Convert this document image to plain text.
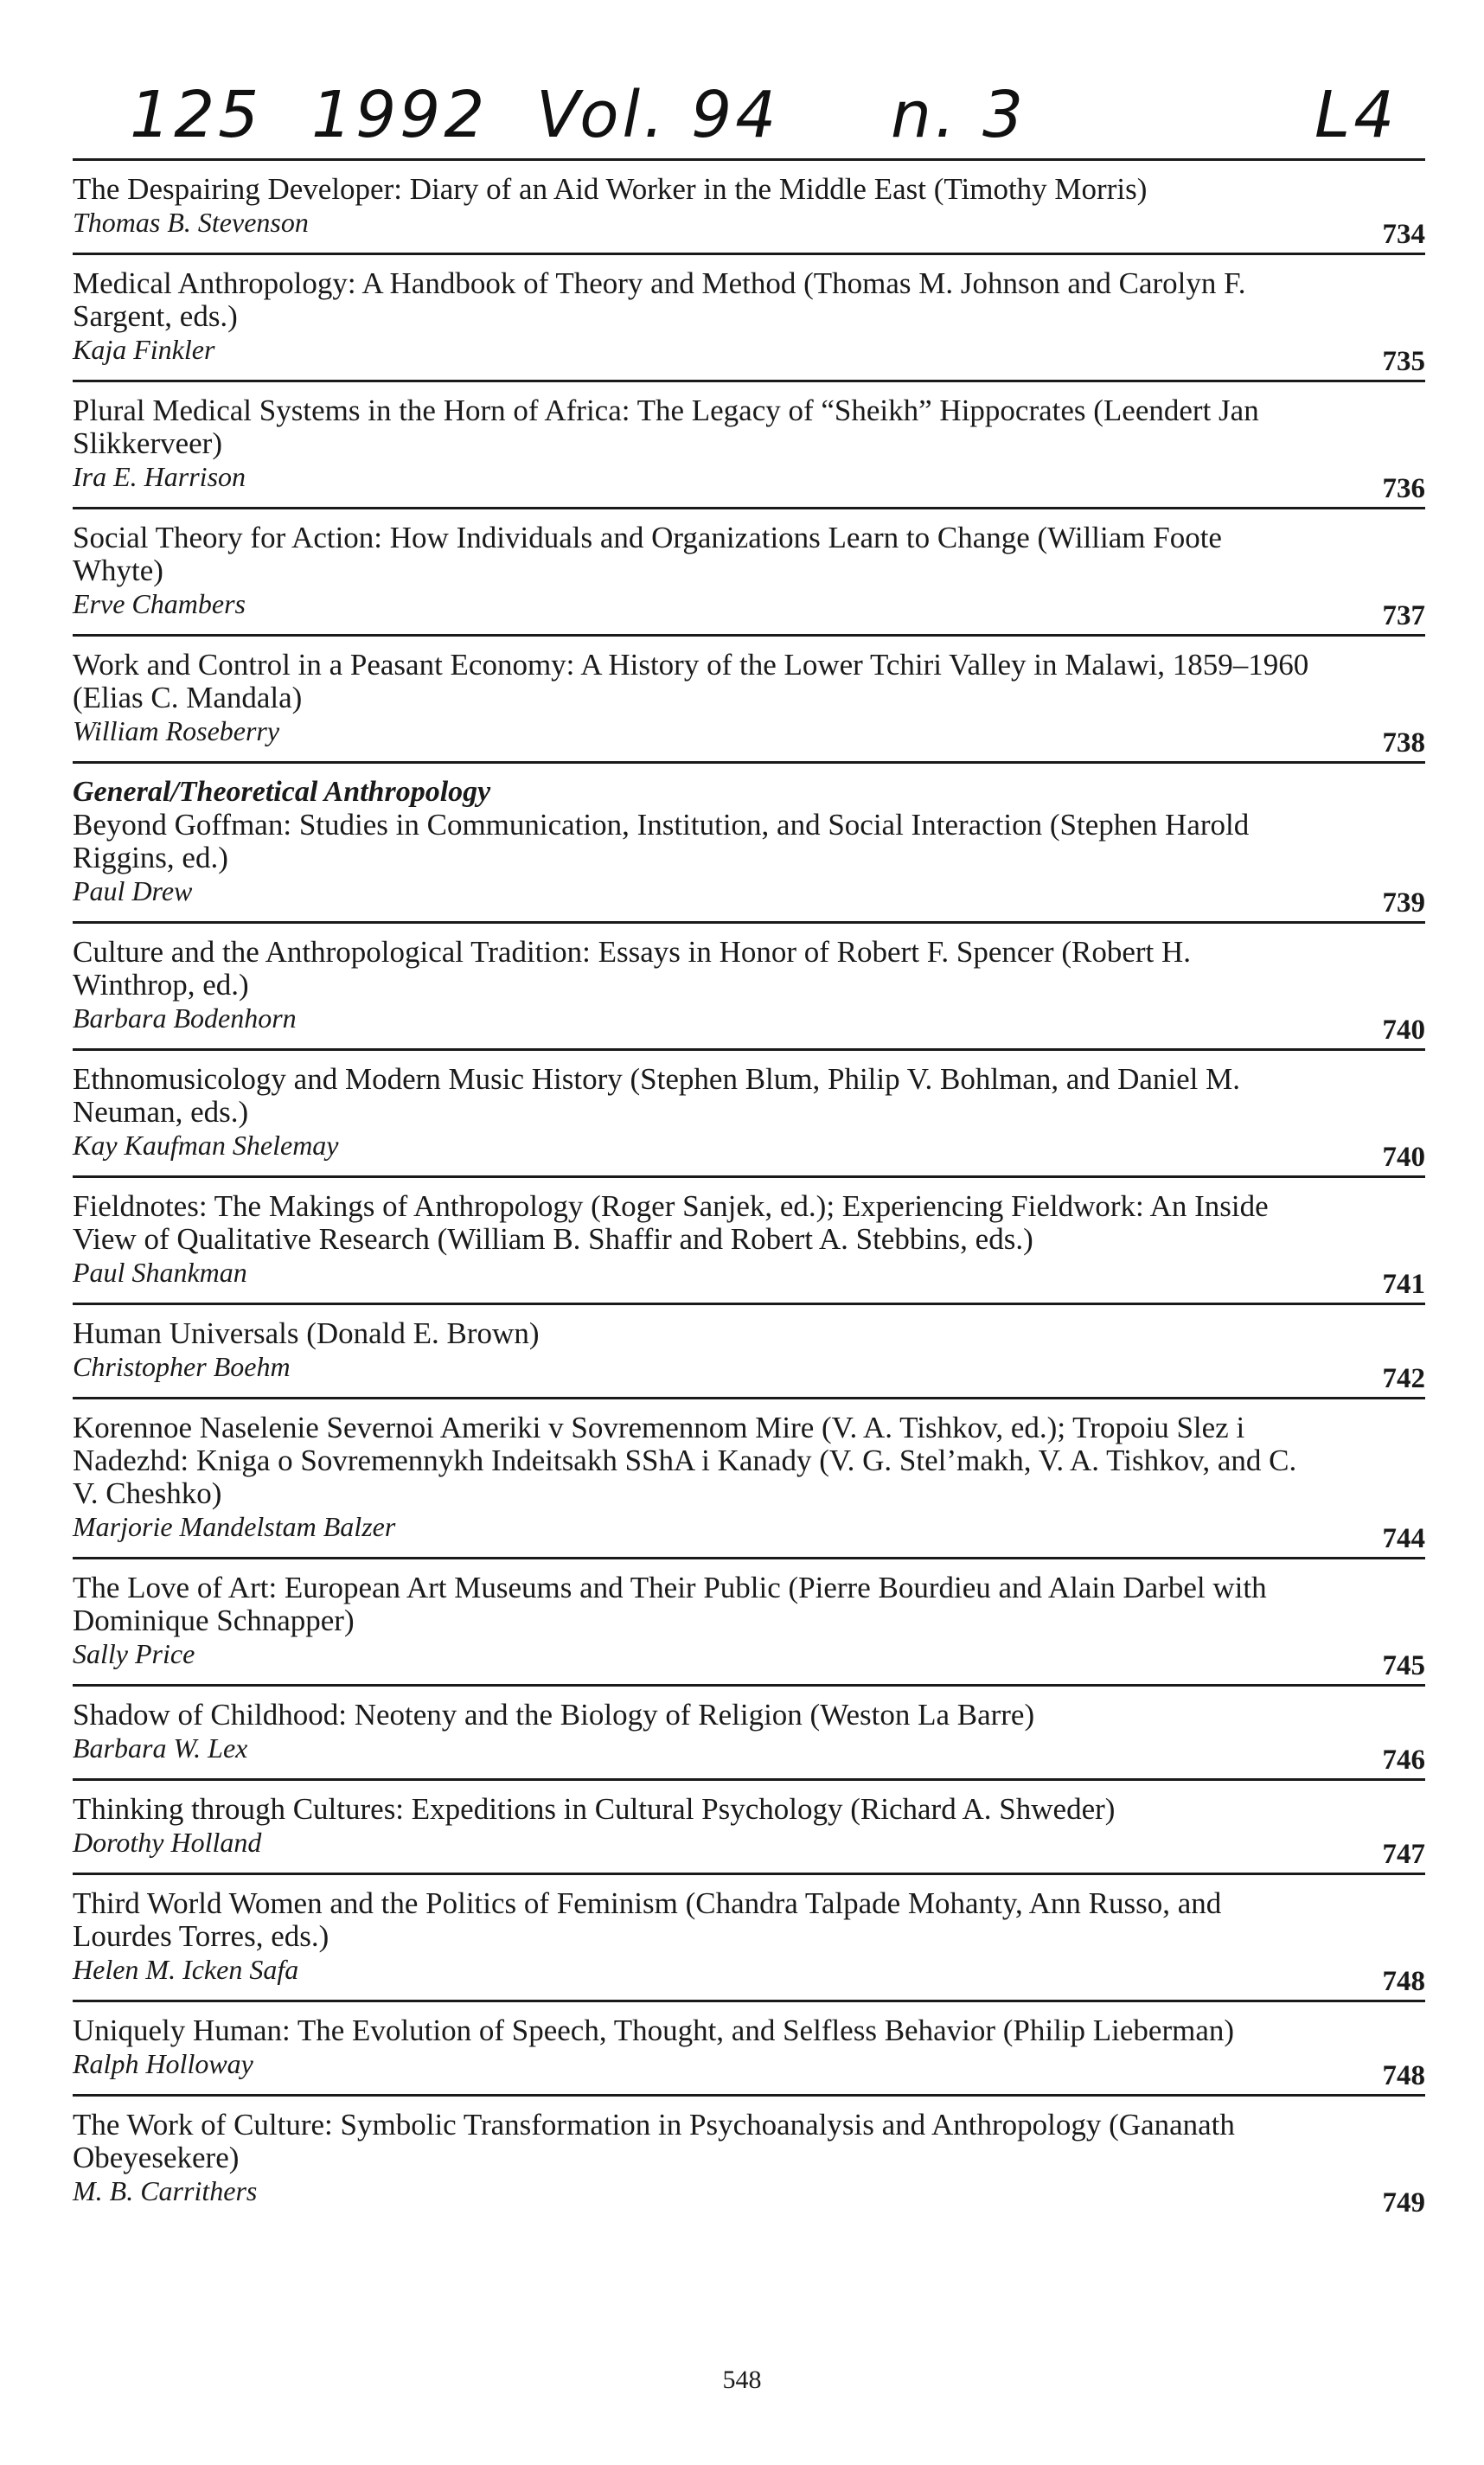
125 1992 Vol. 94 n. 3	L4
The Despairing Developer: Diary of an Aid Worker in the Middle East (Timothy Morris)
Thomas B. Stevenson	734
Medical Anthropology: A Handbook of Theory and Method (Thomas M. Johnson and Carolyn F. Sargent, eds.)
Kaja Finkler	735
Plural Medical Systems in the Horn of Africa: The Legacy of “Sheikh” Hippocrates (Leendert Jan Slikkerveer)
Ira E. Harrison	736
Social Theory for Action: How Individuals and Organizations Learn to Change (William Foote Whyte)
Erve Chambers	737
Work and Control in a Peasant Economy: A History of the Lower Tchiri Valley in Malawi, 1859–1960 (Elias C. Mandala)
William Roseberry	738
General/Theoretical Anthropology
Beyond Goffman: Studies in Communication, Institution, and Social Interaction (Stephen Harold Riggins, ed.)
Paul Drew	739
Culture and the Anthropological Tradition: Essays in Honor of Robert F. Spencer (Robert H. Winthrop, ed.)
Barbara Bodenhorn	740
Ethnomusicology and Modern Music History (Stephen Blum, Philip V. Bohlman, and Daniel M. Neuman, eds.)
Kay Kaufman Shelemay	740
Fieldnotes: The Makings of Anthropology (Roger Sanjek, ed.); Experiencing Fieldwork: An Inside View of Qualitative Research (William B. Shaffir and Robert A. Stebbins, eds.)
Paul Shankman	741
Human Universals (Donald E. Brown)
Christopher Boehm	742
Korennoe Naselenie Severnoi Ameriki v Sovremennom Mire (V. A. Tishkov, ed.); Tropoiu Slez i Nadezhd: Kniga o Sovremennykh Indeitsakh SShA i Kanady (V. G. Stel’makh, V. A. Tishkov, and C. V. Cheshko)
Marjorie Mandelstam Balzer	744
The Love of Art: European Art Museums and Their Public (Pierre Bourdieu and Alain Darbel with Dominique Schnapper)
Sally Price	745
Shadow of Childhood: Neoteny and the Biology of Religion (Weston La Barre)
Barbara W. Lex	746
Thinking through Cultures: Expeditions in Cultural Psychology (Richard A. Shweder)
Dorothy Holland	747
Third World Women and the Politics of Feminism (Chandra Talpade Mohanty, Ann Russo, and Lourdes Torres, eds.)
Helen M. Icken Safa	748
Uniquely Human: The Evolution of Speech, Thought, and Selfless Behavior (Philip Lieberman)
Ralph Holloway	748
The Work of Culture: Symbolic Transformation in Psychoanalysis and Anthropology (Gananath Obeyesekere)
M. B. Carrithers	749
548
